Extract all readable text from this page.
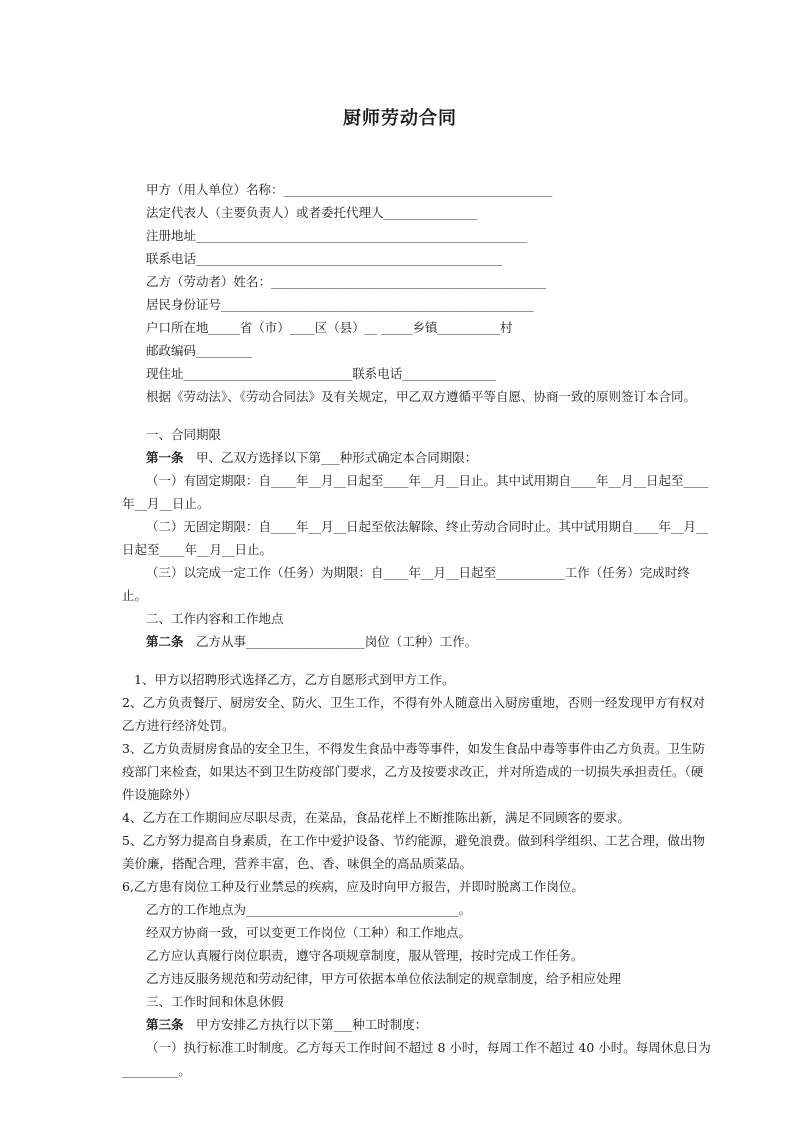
厨师劳动合同
甲方（用人单位）名称：___________________________________________
法定代表人（主要负责人）或者委托代理人_______________
注册地址_____________________________________________________
联系电话_________________________________________________
乙方（劳动者）姓名：____________________________________________
居民身份证号__________________________________________________
户口所在地_____省（市）____区（县）__ _____乡镇__________村
邮政编码_________
现住址___________________________联系电话_______________
根据《劳动法》、《劳动合同法》及有关规定，甲乙双方遵循平等自愿、协商一致的原则签订本合同。
一、合同期限
第一条 甲、乙双方选择以下第___种形式确定本合同期限：
（一）有固定期限：自____年__月__日起至____年__月__日止。其中试用期自____年__月__日起至____
年__月__日止。
（二）无固定期限：自____年__月__日起至依法解除、终止劳动合同时止。其中试用期自____年__月__
日起至____年__月__日止。
（三）以完成一定工作（任务）为期限：自____年__月__日起至___________工作（任务）完成时终
止。
二、工作内容和工作地点
第二条 乙方从事___________________岗位（工种）工作。
1、甲方以招聘形式选择乙方，乙方自愿形式到甲方工作。
2、乙方负责餐厅、厨房安全、防火、卫生工作，不得有外人随意出入厨房重地，否则一经发现甲方有权对
乙方进行经济处罚。
3、乙方负责厨房食品的安全卫生，不得发生食品中毒等事件，如发生食品中毒等事件由乙方负责。卫生防
疫部门来检查，如果达不到卫生防疫部门要求，乙方及按要求改正，并对所造成的一切损失承担责任。（硬
件设施除外）
4、乙方在工作期间应尽职尽责，在菜品，食品花样上不断推陈出新，满足不同顾客的要求。
5、乙方努力提高自身素质，在工作中爱护设备、节约能源，避免浪费。做到科学组织、工艺合理，做出物
美价廉，搭配合理，营养丰富，色、香、味俱全的高品质菜品。
6,乙方患有岗位工种及行业禁忌的疾病，应及时向甲方报告，并即时脱离工作岗位。
乙方的工作地点为__________________________________。
经双方协商一致，可以变更工作岗位（工种）和工作地点。
乙方应认真履行岗位职责，遵守各项规章制度，服从管理，按时完成工作任务。
乙方违反服务规范和劳动纪律，甲方可依据本单位依法制定的规章制度，给予相应处理
三、工作时间和休息休假
第三条 甲方安排乙方执行以下第___种工时制度：
（一）执行标准工时制度。乙方每天工作时间不超过 8 小时，每周工作不超过 40 小时。每周休息日为
_________。
